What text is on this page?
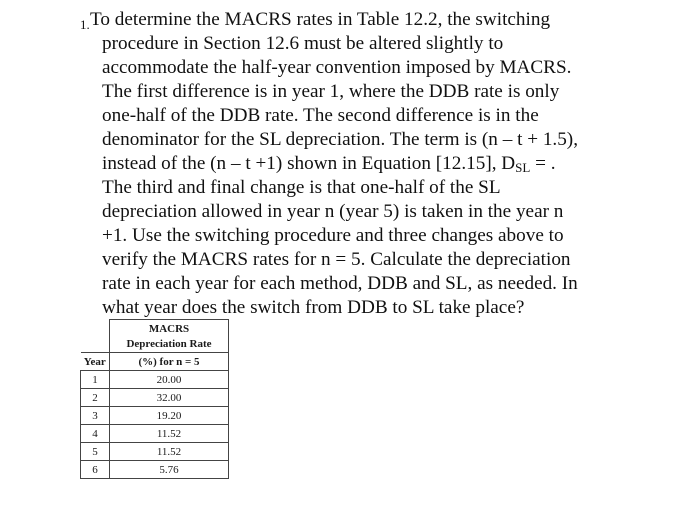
1. To determine the MACRS rates in Table 12.2, the switching
procedure in Section 12.6 must be altered slightly to
accommodate the half-year convention imposed by MACRS.
The first difference is in year 1, where the DDB rate is only
one-half of the DDB rate. The second difference is in the
denominator for the SL depreciation. The term is (n – t + 1.5),
instead of the (n – t +1) shown in Equation [12.15], $D_{SL}$ = .
The third and final change is that one-half of the SL
depreciation allowed in year n (year 5) is taken in the year n
+1. Use the switching procedure and three changes above to
verify the MACRS rates for n = 5. Calculate the depreciation
rate in each year for each method, DDB and SL, as needed. In
what year does the switch from DDB to SL take place?

	MACRS
Depreciation Rate

Year	(%) for n = 5
1	20.00
2	32.00
3	19.20
4	11.52
5	11.52
6	5.76
